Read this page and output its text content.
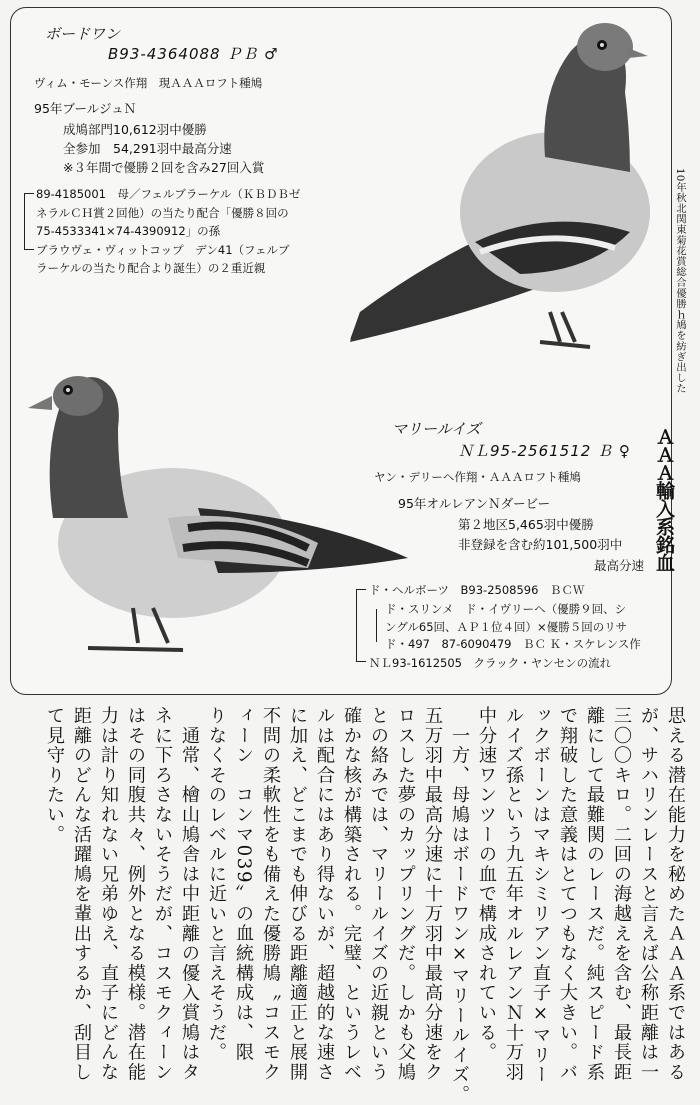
ボードワン
B93-4364088 ＰＢ ♂
ヴィム・モーンス作翔　現ＡＡＡロフト種鳩
95年ブールジュＮ
成鳩部門10,612羽中優勝
全参加　54,291羽中最高分速
※３年間で優勝２回を含み27回入賞
89-4185001　母／フェルブラーケル（ＫＢＤＢゼ
ネラルＣＨ賞２回他）の当たり配合「優勝８回の
75-4533341×74-4390912」の孫
ブラウヴェ・ヴィットコップ　デン41（フェルブ
ラーケルの当たり配合より誕生）の２重近親
マリールイズ
ＮＬ95-2561512 Ｂ ♀
ヤン・デリーヘ作翔・ＡＡＡロフト種鳩
95年オルレアンＮダービー
第２地区5,465羽中優勝
非登録を含む約101,500羽中
最高分速
ド・ヘルボーツ　B93-2508596　ＢＣＷ
ド・スリンメ　ド・イヴリーヘ（優勝９回、シ
ングル65回、ＡＰ１位４回）×優勝５回のリサ
ド・497　87-6090479　ＢＣ Ｋ・スケレンス作
ＮＬ93-1612505　クラック・ヤンセンの流れ
10年秋北関東菊花賞総合優勝ｈ鳩を紡ぎ出した
ＡＡＡ輸入系銘血
思える潜在能力を秘めたＡＡＡ系ではある
が、サハリンレースと言えば公称距離は一
三〇〇キロ。二回の海越えを含む、最長距
離にして最難関のレースだ。純スピード系
で翔破した意義はとてつもなく大きい。バ
ックボーンはマキシミリアン直子×マリー
ルイズ孫という九五年オルレアンＮ十万羽
中分速ワンツーの血で構成されている。
　一方、母鳩はボードワン×マリールイズ。
五万羽中最高分速に十万羽中最高分速をク
ロスした夢のカップリングだ。しかも父鳩
との絡みでは、マリールイズの近親という
確かな核が構築される。完璧、というレベ
ルは配合にはあり得ないが、超越的な速さ
に加え、どこまでも伸びる距離適正と展開
不問の柔軟性をも備えた優勝鳩〝コスモク
ィーン　コンマ039〟の血統構成は、限
りなくそのレベルに近いと言えそうだ。
　通常、檜山鳩舎は中距離の優入賞鳩はタ
ネに下ろさないそうだが、コスモクィーン
はその同腹共々、例外となる模様。潜在能
力は計り知れない兄弟ゆえ、直子にどんな
距離のどんな活躍鳩を輩出するか、刮目し
て見守りたい。
